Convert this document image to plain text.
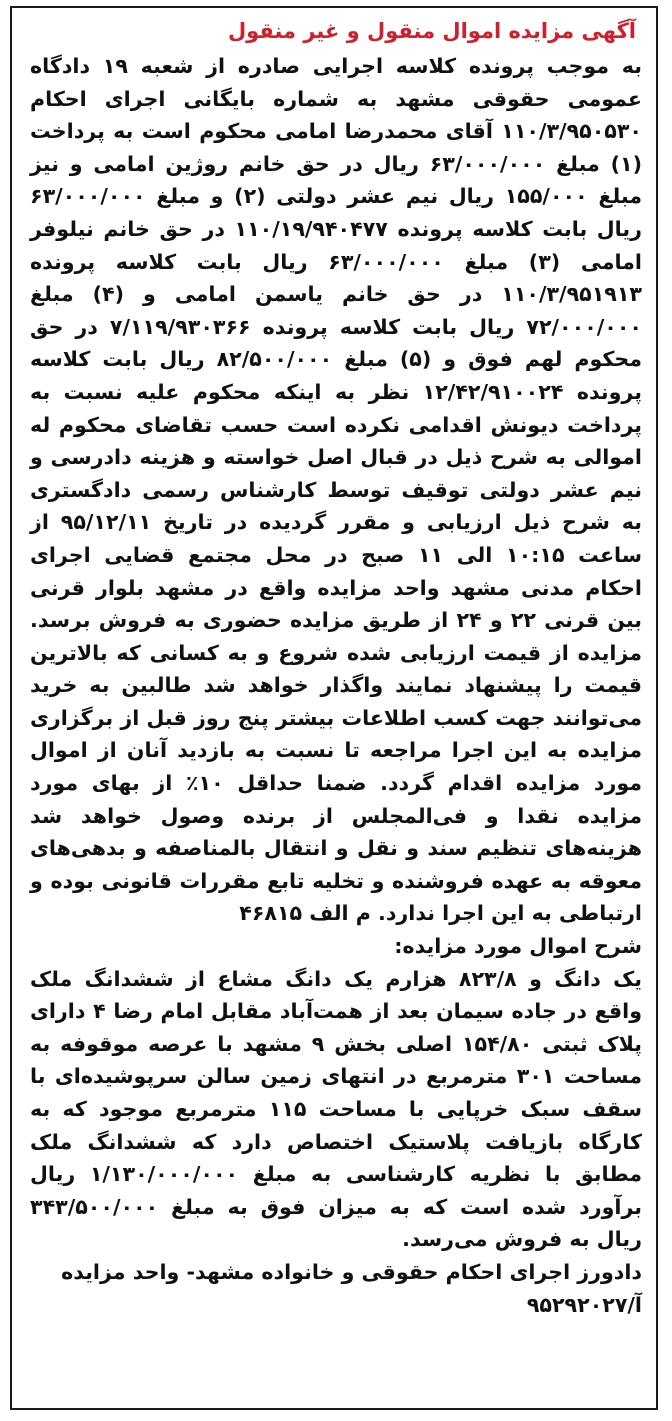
آگهی مزایده اموال منقول و غیر منقول

به موجب پرونده کلاسه اجرایی صادره از شعبه ۱۹ دادگاه عمومی حقوقی مشهد به شماره بایگانی اجرای احکام ۱۱۰/۳/۹۵۰۵۳۰ آقای محمدرضا امامی محکوم است به پرداخت (۱) مبلغ ۶۳/۰۰۰/۰۰۰ ریال در حق خانم روژین امامی و نیز مبلغ ۱۵۵/۰۰۰ ریال نیم عشر دولتی (۲) و مبلغ ۶۳/۰۰۰/۰۰۰ ریال بابت کلاسه پرونده ۱۱۰/۱۹/۹۴۰۴۷۷ در حق خانم نیلوفر امامی (۳) مبلغ ۶۳/۰۰۰/۰۰۰ ریال بابت کلاسه پرونده ۱۱۰/۳/۹۵۱۹۱۳ در حق خانم یاسمن امامی و (۴) مبلغ ۷۲/۰۰۰/۰۰۰ ریال بابت کلاسه پرونده ۷/۱۱۹/۹۳۰۳۶۶ در حق محکوم لهم فوق و (۵) مبلغ ۸۲/۵۰۰/۰۰۰ ریال بابت کلاسه پرونده ۱۲/۴۲/۹۱۰۰۲۴ نظر به اینکه محکوم علیه نسبت به پرداخت دیونش اقدامی نکرده است حسب تقاضای محکوم له اموالی به شرح ذیل در قبال اصل خواسته و هزینه دادرسی و نیم عشر دولتی توقیف توسط کارشناس رسمی دادگستری به شرح ذیل ارزیابی و مقرر گردیده در تاریخ ۹۵/۱۲/۱۱ از ساعت ۱۰:۱۵ الی ۱۱ صبح در محل مجتمع قضایی اجرای احکام مدنی مشهد واحد مزایده واقع در مشهد بلوار قرنی بین قرنی ۲۲ و ۲۴ از طریق مزایده حضوری به فروش برسد. مزایده از قیمت ارزیابی شده شروع و به کسانی که بالاترین قیمت را پیشنهاد نمایند واگذار خواهد شد طالبین به خرید می‌توانند جهت کسب اطلاعات بیشتر پنج روز قبل از برگزاری مزایده به این اجرا مراجعه تا نسبت به بازدید آنان از اموال مورد مزایده اقدام گردد. ضمنا حداقل ۱۰٪ از بهای مورد مزایده نقدا و فی‌المجلس از برنده وصول خواهد شد هزینه‌های تنظیم سند و نقل و انتقال بالمناصفه و بدهی‌های معوقه به عهده فروشنده و تخلیه تابع مقررات قانونی بوده و ارتباطی به این اجرا ندارد. م الف ۴۶۸۱۵

شرح اموال مورد مزایده:

یک دانگ و ۸۲۳/۸ هزارم یک دانگ مشاع از ششدانگ ملک واقع در جاده سیمان بعد از همت‌آباد مقابل امام رضا ۴ دارای پلاک ثبتی ۱۵۴/۸۰ اصلی بخش ۹ مشهد با عرصه موقوفه به مساحت ۳۰۱ مترمربع در انتهای زمین سالن سرپوشیده‌ای با سقف سبک خرپایی با مساحت ۱۱۵ مترمربع موجود که به کارگاه بازیافت پلاستیک اختصاص دارد که ششدانگ ملک مطابق با نظریه کارشناسی به مبلغ ۱/۱۳۰/۰۰۰/۰۰۰ ریال برآورد شده است که به میزان فوق به مبلغ ۳۴۳/۵۰۰/۰۰۰ ریال به فروش می‌رسد.

دادورز اجرای احکام حقوقی و خانواده مشهد- واحد مزایده

آ/۹۵۲۹۲۰۲۷
